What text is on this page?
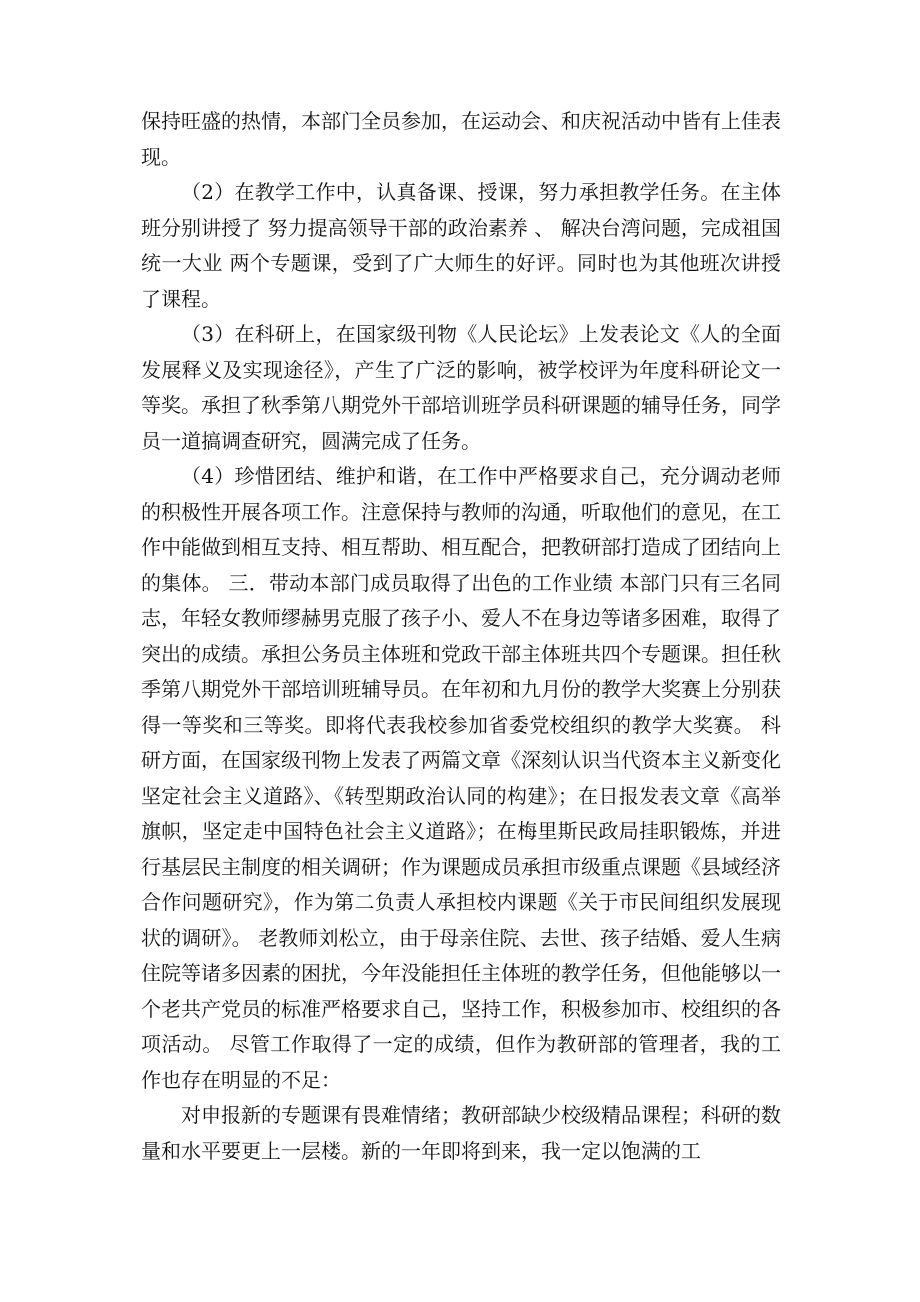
保持旺盛的热情，本部门全员参加，在运动会、和庆祝活动中皆有上佳表现。

（2）在教学工作中，认真备课、授课，努力承担教学任务。在主体班分别讲授了 努力提高领导干部的政治素养 、 解决台湾问题，完成祖国统一大业 两个专题课，受到了广大师生的好评。同时也为其他班次讲授了课程。

（3）在科研上，在国家级刊物《人民论坛》上发表论文《人的全面发展释义及实现途径》，产生了广泛的影响，被学校评为年度科研论文一等奖。承担了秋季第八期党外干部培训班学员科研课题的辅导任务，同学员一道搞调查研究，圆满完成了任务。

（4）珍惜团结、维护和谐，在工作中严格要求自己，充分调动老师的积极性开展各项工作。注意保持与教师的沟通，听取他们的意见，在工作中能做到相互支持、相互帮助、相互配合，把教研部打造成了团结向上的集体。 三．带动本部门成员取得了出色的工作业绩 本部门只有三名同志，年轻女教师缪赫男克服了孩子小、爱人不在身边等诸多困难，取得了突出的成绩。承担公务员主体班和党政干部主体班共四个专题课。担任秋季第八期党外干部培训班辅导员。在年初和九月份的教学大奖赛上分别获得一等奖和三等奖。即将代表我校参加省委党校组织的教学大奖赛。 科研方面，在国家级刊物上发表了两篇文章《深刻认识当代资本主义新变化坚定社会主义道路》、《转型期政治认同的构建》；在日报发表文章《高举旗帜，坚定走中国特色社会主义道路》；在梅里斯民政局挂职锻炼，并进行基层民主制度的相关调研；作为课题成员承担市级重点课题《县域经济合作问题研究》，作为第二负责人承担校内课题《关于市民间组织发展现状的调研》。 老教师刘松立，由于母亲住院、去世、孩子结婚、爱人生病住院等诸多因素的困扰，今年没能担任主体班的教学任务，但他能够以一个老共产党员的标准严格要求自己，坚持工作，积极参加市、校组织的各项活动。 尽管工作取得了一定的成绩，但作为教研部的管理者，我的工作也存在明显的不足：

对申报新的专题课有畏难情绪；教研部缺少校级精品课程；科研的数量和水平要更上一层楼。新的一年即将到来，我一定以饱满的工
